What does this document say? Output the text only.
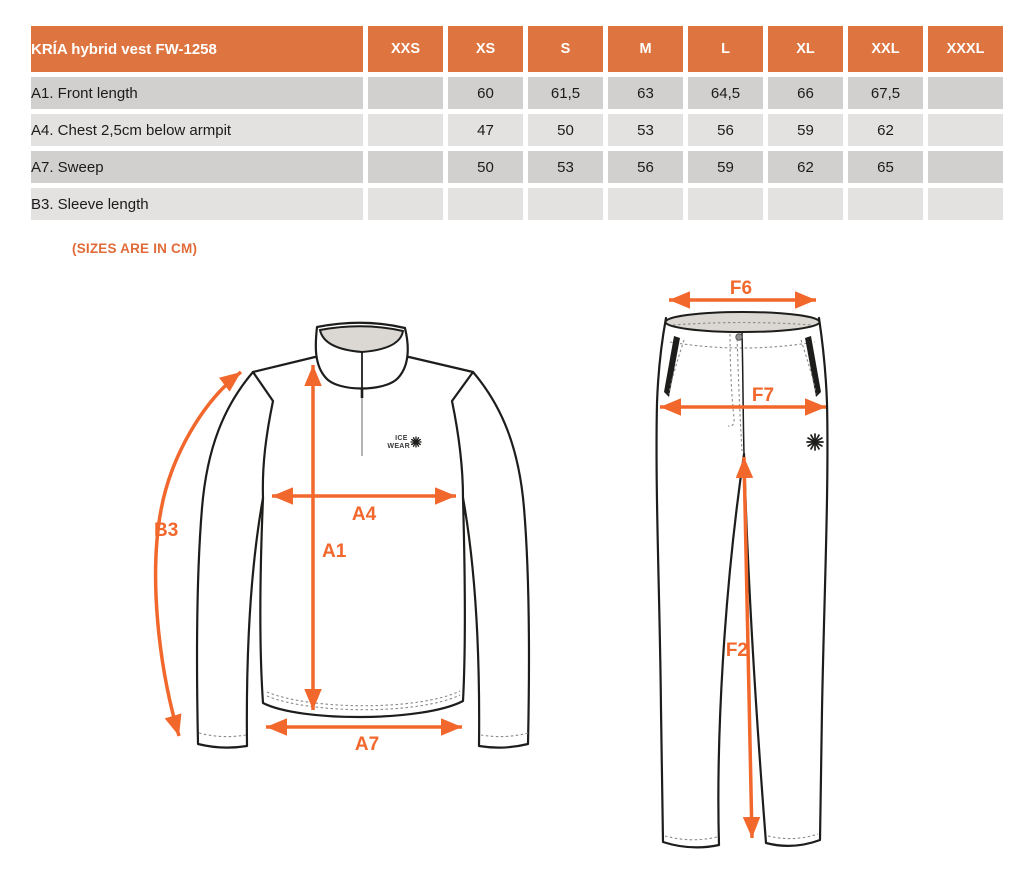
KRÍA hybrid vest FW-1258	XXS	XS	S	M	L	XL	XXL	XXXL
A1. Front length		60	61,5	63	64,5	66	67,5	
A4. Chest 2,5cm below armpit		47	50	53	56	59	62	
A7. Sweep		50	53	56	59	62	65	
B3. Sleeve length								
(SIZES ARE IN CM)
ICE WEAR
B3
A1
A4
A7
F6
F7
F2
